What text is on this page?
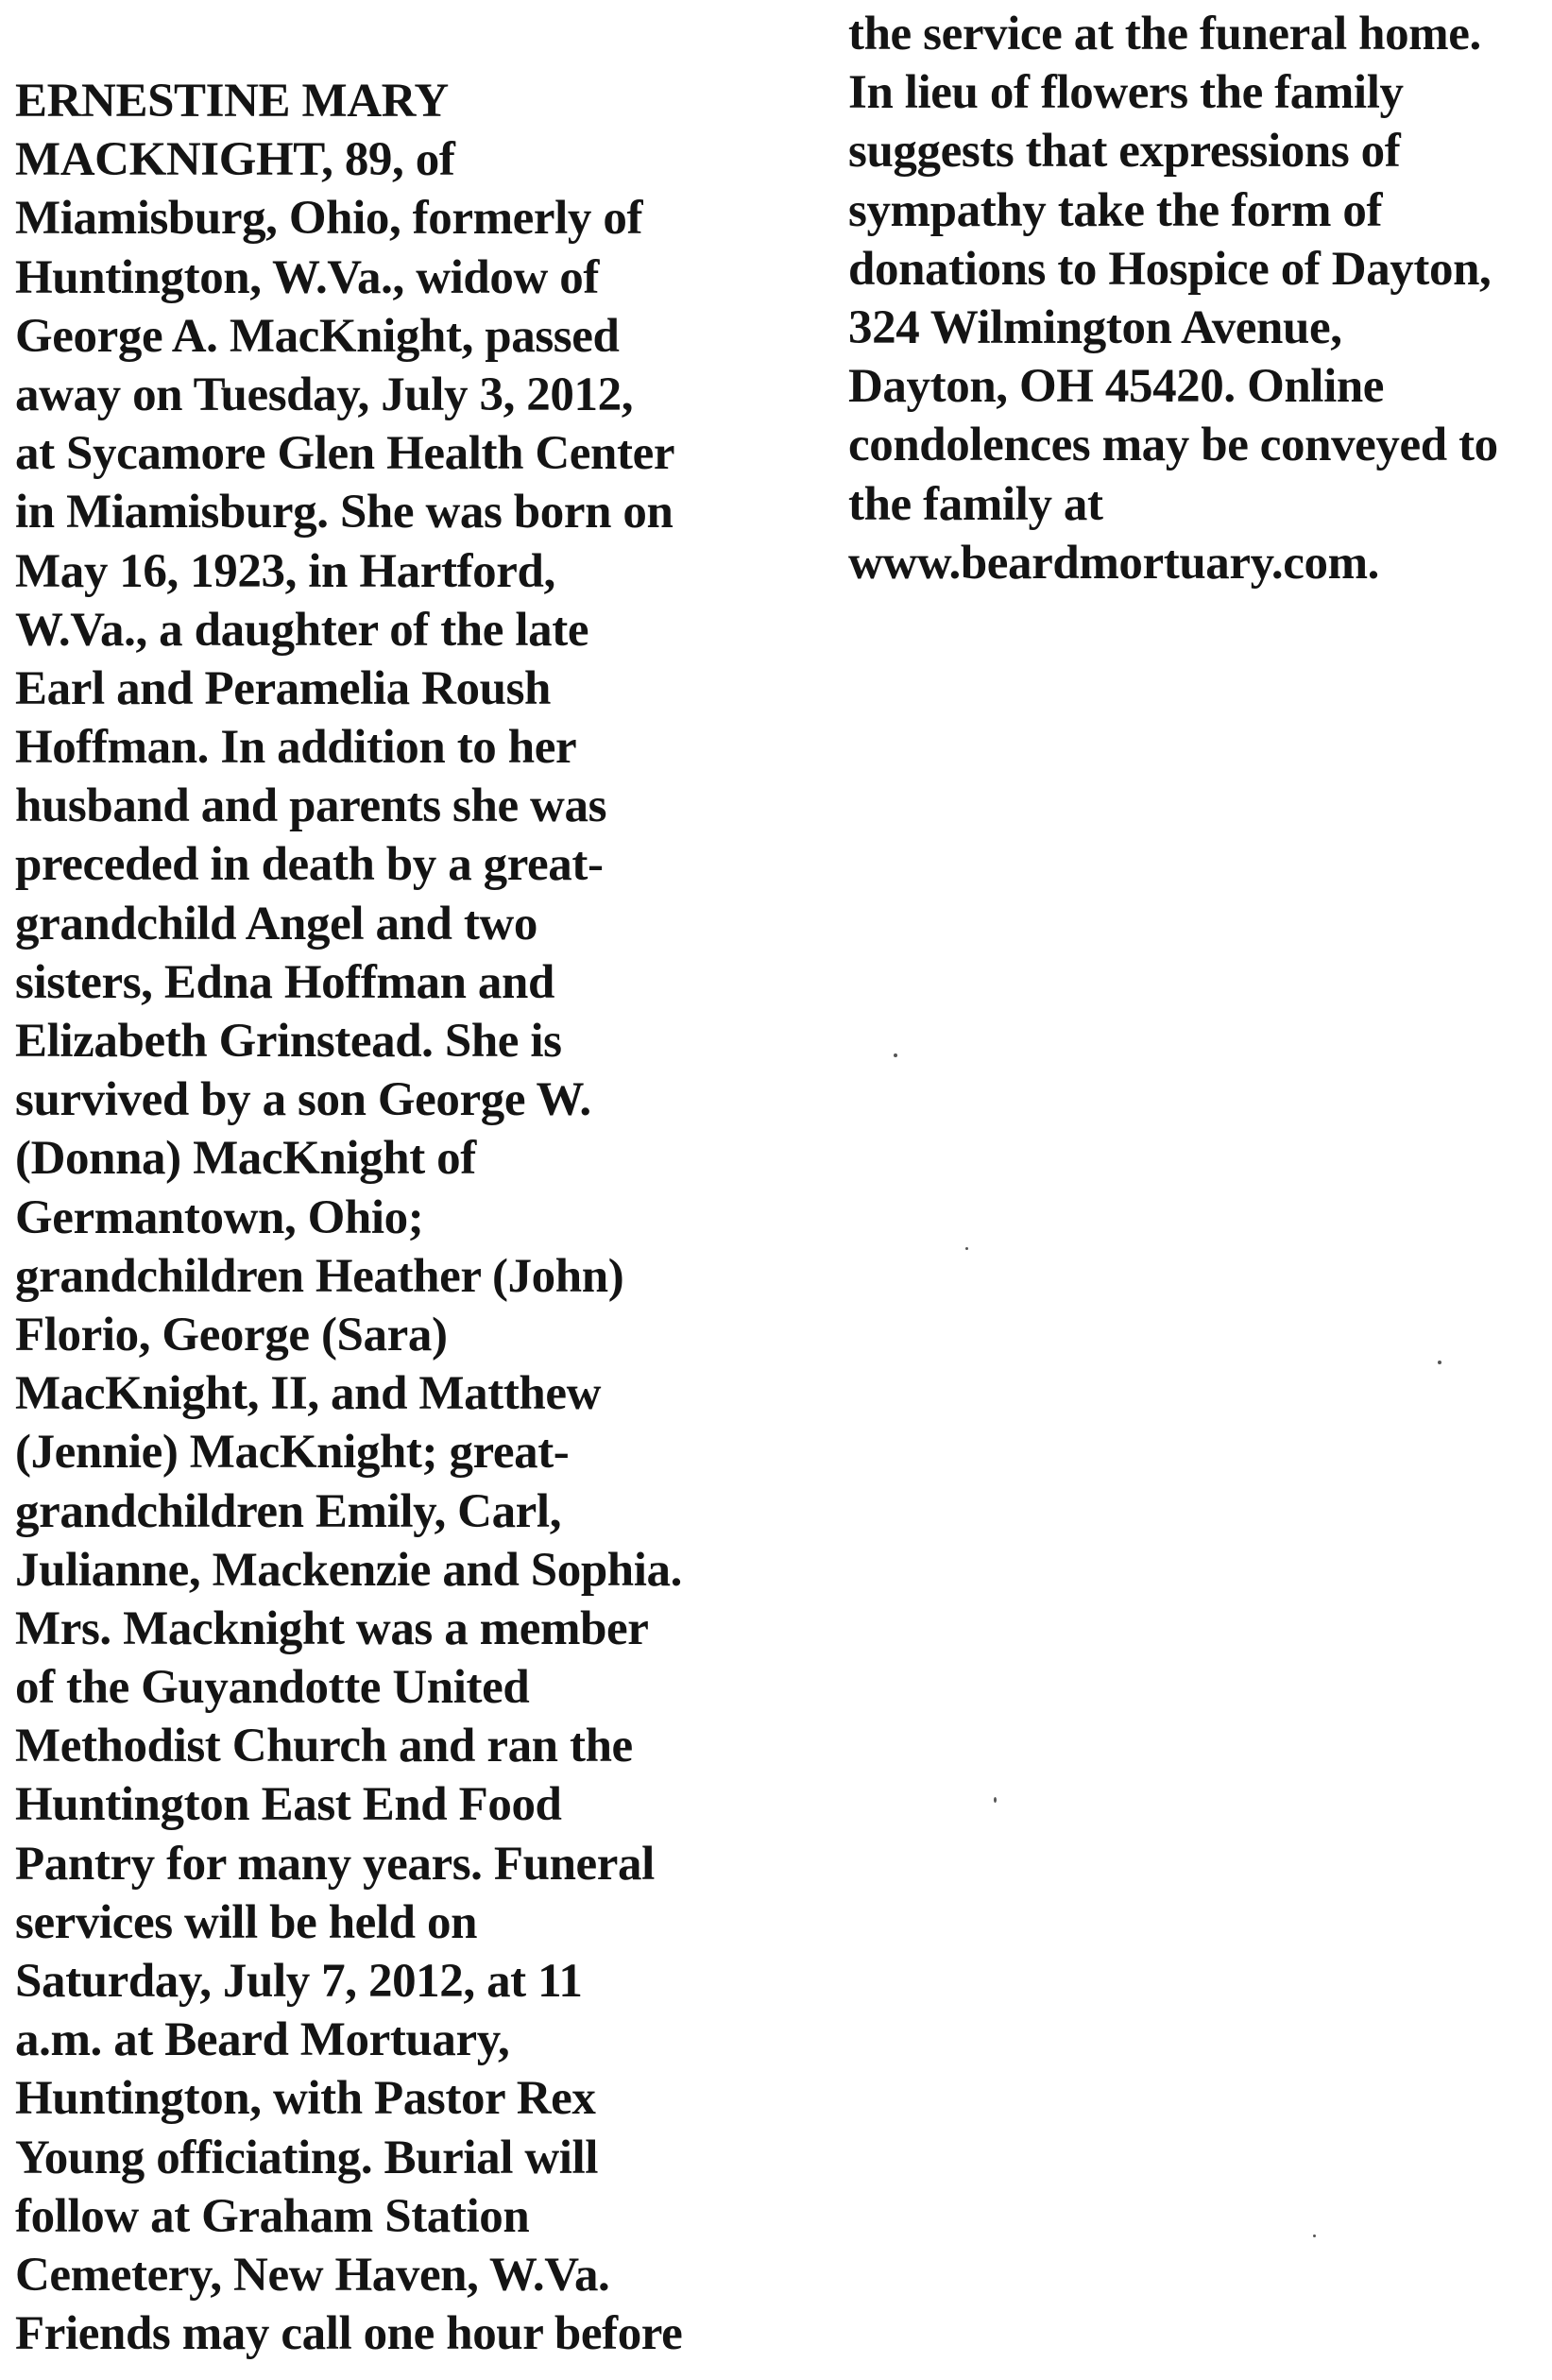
ERNESTINE MARY
MACKNIGHT, 89, of
Miamisburg, Ohio, formerly of
Huntington, W.Va., widow of
George A. MacKnight, passed
away on Tuesday, July 3, 2012,
at Sycamore Glen Health Center
in Miamisburg. She was born on
May 16, 1923, in Hartford,
W.Va., a daughter of the late
Earl and Peramelia Roush
Hoffman. In addition to her
husband and parents she was
preceded in death by a great-
grandchild Angel and two
sisters, Edna Hoffman and
Elizabeth Grinstead. She is
survived by a son George W.
(Donna) MacKnight of
Germantown, Ohio;
grandchildren Heather (John)
Florio, George (Sara)
MacKnight, II, and Matthew
(Jennie) MacKnight; great-
grandchildren Emily, Carl,
Julianne, Mackenzie and Sophia.
Mrs. Macknight was a member
of the Guyandotte United
Methodist Church and ran the
Huntington East End Food
Pantry for many years. Funeral
services will be held on
Saturday, July 7, 2012, at 11
a.m. at Beard Mortuary,
Huntington, with Pastor Rex
Young officiating. Burial will
follow at Graham Station
Cemetery, New Haven, W.Va.
Friends may call one hour before
the service at the funeral home.
In lieu of flowers the family
suggests that expressions of
sympathy take the form of
donations to Hospice of Dayton,
324 Wilmington Avenue,
Dayton, OH 45420. Online
condolences may be conveyed to
the family at
www.beardmortuary.com.
